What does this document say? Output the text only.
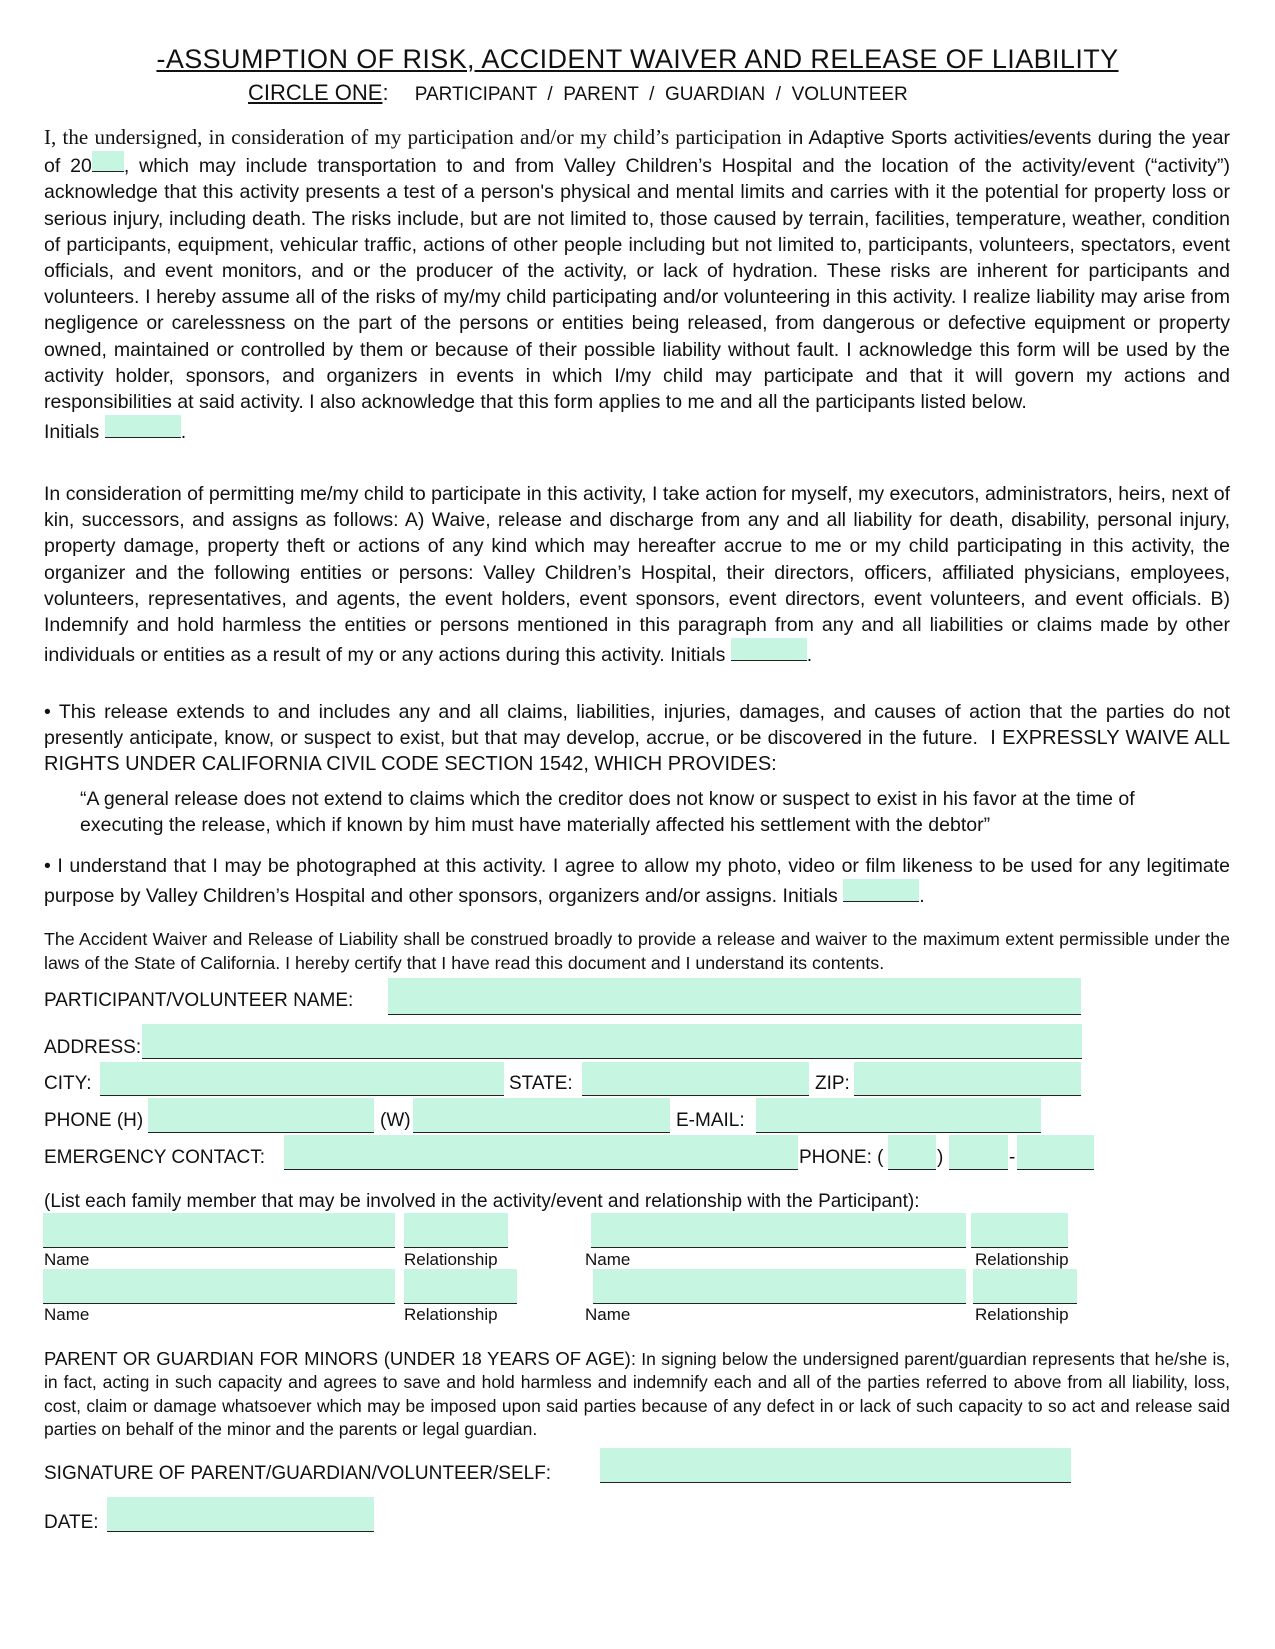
-ASSUMPTION OF RISK, ACCIDENT WAIVER AND RELEASE OF LIABILITY
CIRCLE ONE: PARTICIPANT  /  PARENT  /  GUARDIAN  /  VOLUNTEER
I, the undersigned, in consideration of my participation and/or my child’s participation in Adaptive Sports activities/events during the year of 20 , which may include transportation to and from Valley Children’s Hospital and the location of the activity/event (“activity”) acknowledge that this activity presents a test of a person's physical and mental limits and carries with it the potential for property loss or serious injury, including death. The risks include, but are not limited to, those caused by terrain, facilities, temperature, weather, condition of participants, equipment, vehicular traffic, actions of other people including but not limited to, participants, volunteers, spectators, event officials, and event monitors, and or the producer of the activity, or lack of hydration. These risks are inherent for participants and volunteers. I hereby assume all of the risks of my/my child participating and/or volunteering in this activity. I realize liability may arise from negligence or carelessness on the part of the persons or entities being released, from dangerous or defective equipment or property owned, maintained or controlled by them or because of their possible liability without fault. I acknowledge this form will be used by the activity holder, sponsors, and organizers in events in which I/my child may participate and that it will govern my actions and responsibilities at said activity. I also acknowledge that this form applies to me and all the participants listed below.
Initials	.
In consideration of permitting me/my child to participate in this activity, I take action for myself, my executors, administrators, heirs, next of kin, successors, and assigns as follows: A) Waive, release and discharge from any and all liability for death, disability, personal injury, property damage, property theft or actions of any kind which may hereafter accrue to me or my child participating in this activity, the organizer and the following entities or persons: Valley Children’s Hospital, their directors, officers, affiliated physicians, employees, volunteers, representatives, and agents, the event holders, event sponsors, event directors, event volunteers, and event officials. B) Indemnify and hold harmless the entities or persons mentioned in this paragraph from any and all liabilities or claims made by other individuals or entities as a result of my or any actions during this activity. Initials	.
• This release extends to and includes any and all claims, liabilities, injuries, damages, and causes of action that the parties do not presently anticipate, know, or suspect to exist, but that may develop, accrue, or be discovered in the future. I EXPRESSLY WAIVE ALL RIGHTS UNDER CALIFORNIA CIVIL CODE SECTION 1542, WHICH PROVIDES:
“A general release does not extend to claims which the creditor does not know or suspect to exist in his favor at the time of executing the release, which if known by him must have materially affected his settlement with the debtor”
• I understand that I may be photographed at this activity. I agree to allow my photo, video or film likeness to be used for any legitimate purpose by Valley Children’s Hospital and other sponsors, organizers and/or assigns. Initials	.
The Accident Waiver and Release of Liability shall be construed broadly to provide a release and waiver to the maximum extent permissible under the laws of the State of California. I hereby certify that I have read this document and I understand its contents.
PARTICIPANT/VOLUNTEER NAME:
ADDRESS:
CITY:	STATE:	ZIP:
PHONE (H)	(W)	E-MAIL:
EMERGENCY CONTACT:	PHONE: (	)	-
(List each family member that may be involved in the activity/event and relationship with the Participant):
Name	Relationship	Name	Relationship
Name	Relationship	Name	Relationship
PARENT OR GUARDIAN FOR MINORS (UNDER 18 YEARS OF AGE): In signing below the undersigned parent/guardian represents that he/she is, in fact, acting in such capacity and agrees to save and hold harmless and indemnify each and all of the parties referred to above from all liability, loss, cost, claim or damage whatsoever which may be imposed upon said parties because of any defect in or lack of such capacity to so act and release said parties on behalf of the minor and the parents or legal guardian.
SIGNATURE OF PARENT/GUARDIAN/VOLUNTEER/SELF:
DATE:
